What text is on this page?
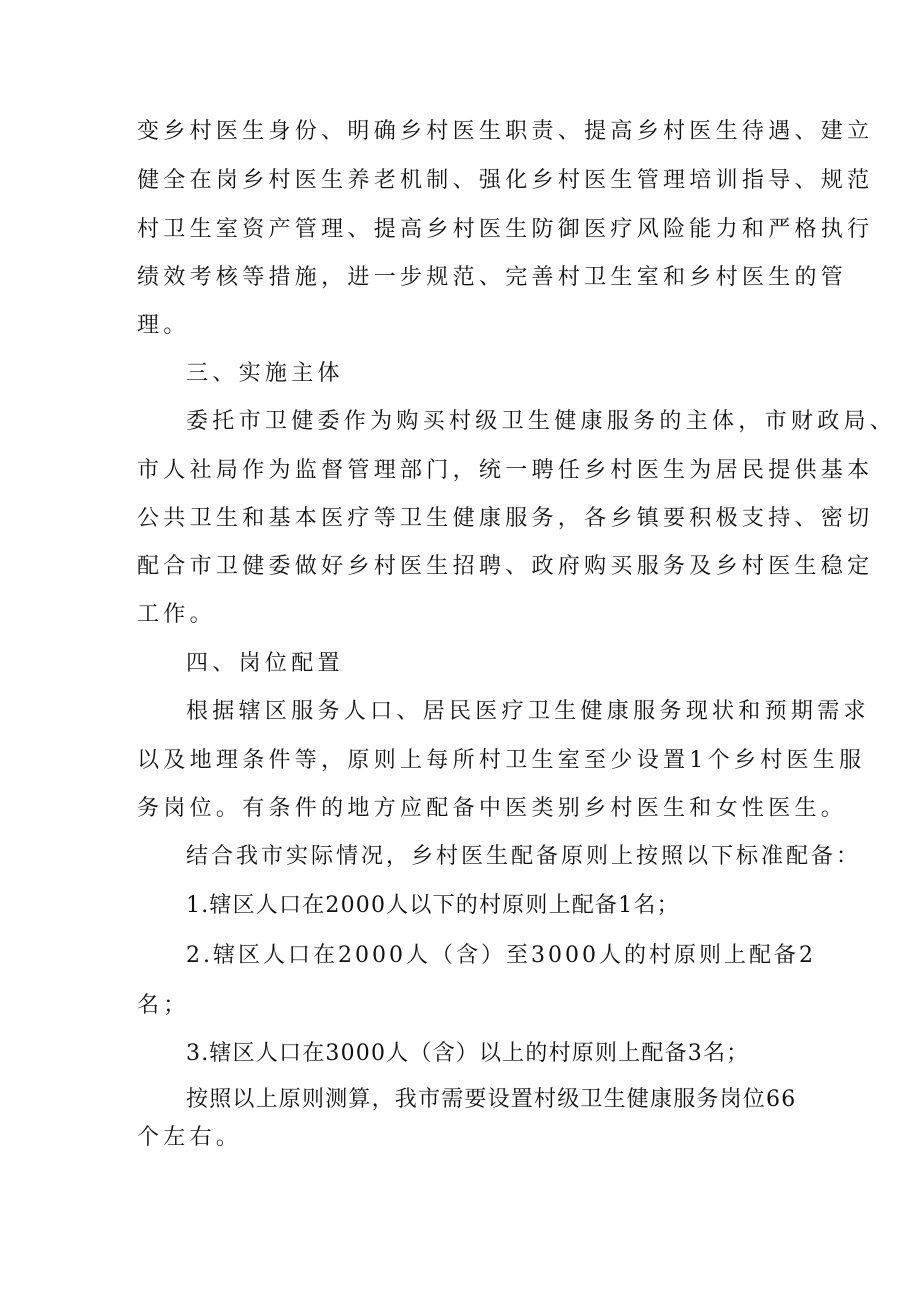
变乡村医生身份、明确乡村医生职责、提高乡村医生待遇、建立
健全在岗乡村医生养老机制、强化乡村医生管理培训指导、规范
村卫生室资产管理、提高乡村医生防御医疗风险能力和严格执行
绩效考核等措施，进一步规范、完善村卫生室和乡村医生的管
理。
三、实施主体
委托市卫健委作为购买村级卫生健康服务的主体，市财政局、
市人社局作为监督管理部门，统一聘任乡村医生为居民提供基本
公共卫生和基本医疗等卫生健康服务，各乡镇要积极支持、密切
配合市卫健委做好乡村医生招聘、政府购买服务及乡村医生稳定
工作。
四、岗位配置
根据辖区服务人口、居民医疗卫生健康服务现状和预期需求
以及地理条件等，原则上每所村卫生室至少设置1个乡村医生服
务岗位。有条件的地方应配备中医类别乡村医生和女性医生。
结合我市实际情况，乡村医生配备原则上按照以下标准配备：
1.辖区人口在2000人以下的村原则上配备1名；
2.辖区人口在2000人（含）至3000人的村原则上配备2
名；
3.辖区人口在3000人（含）以上的村原则上配备3名；
按照以上原则测算，我市需要设置村级卫生健康服务岗位66
个左右。
